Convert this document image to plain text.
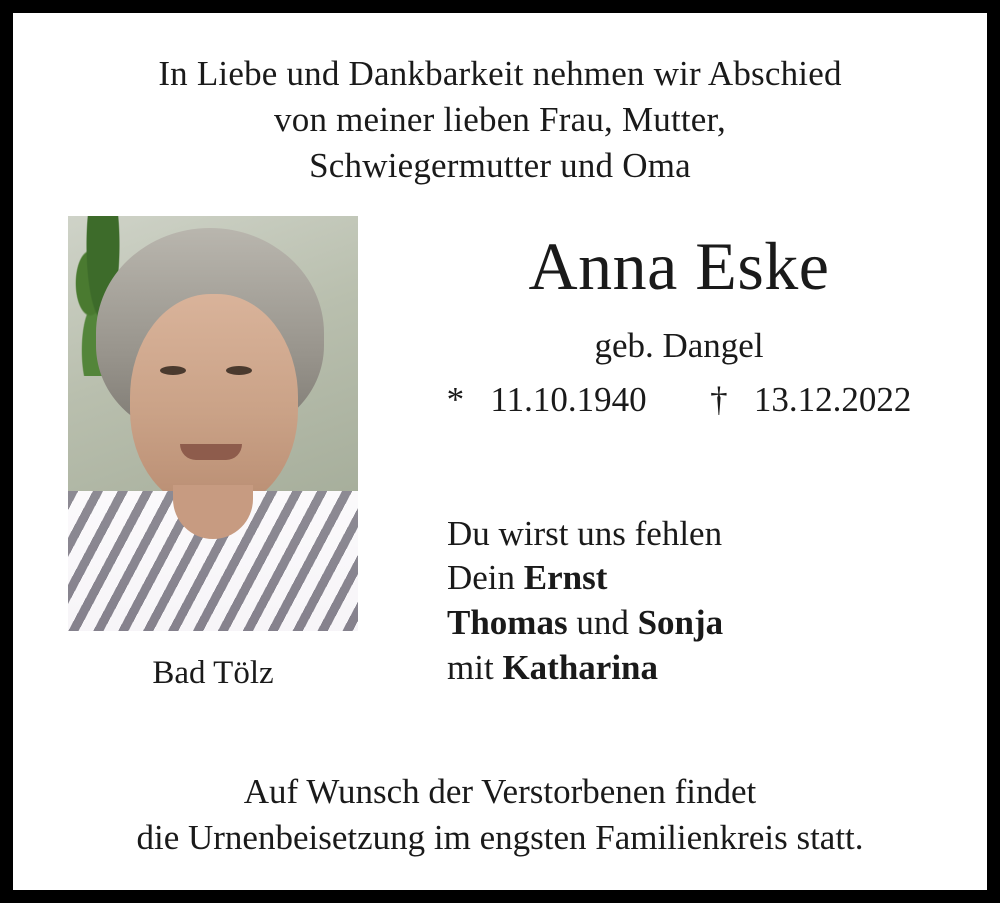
In Liebe und Dankbarkeit nehmen wir Abschied
von meiner lieben Frau, Mutter,
Schwiegermutter und Oma
Bad Tölz
Anna Eske
geb. Dangel
* 11.10.1940 † 13.12.2022
Du wirst uns fehlen
Dein Ernst
Thomas und Sonja
mit Katharina
Auf Wunsch der Verstorbenen findet
die Urnenbeisetzung im engsten Familienkreis statt.
